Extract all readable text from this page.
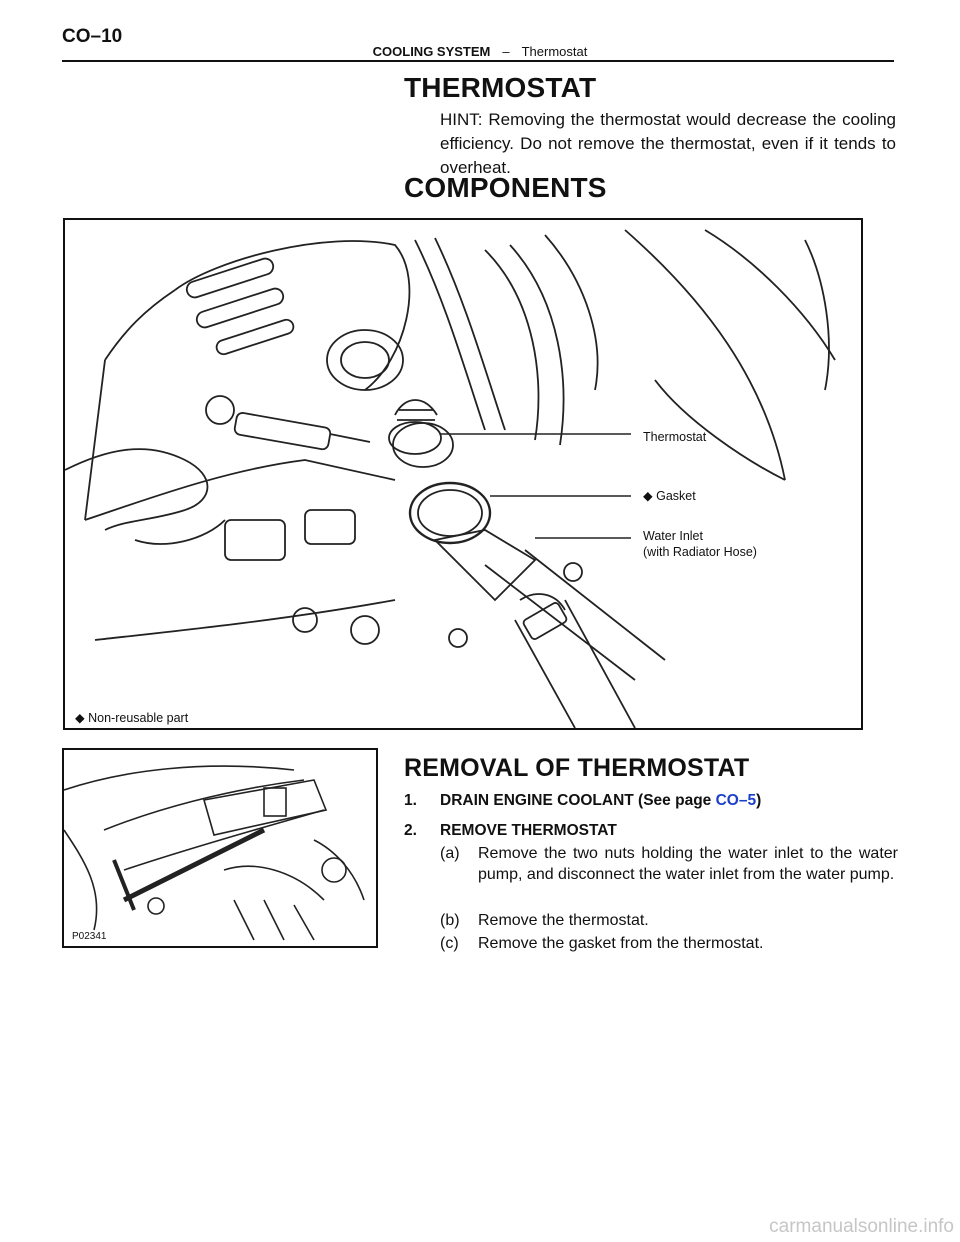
CO–10
COOLING SYSTEM – Thermostat
THERMOSTAT
HINT: Removing the thermostat would decrease the cooling efficiency. Do not remove the thermostat, even if it tends to overheat.
COMPONENTS
Thermostat
◆ Gasket
Water Inlet
(with Radiator Hose)
◆ Non-reusable part
P02341
REMOVAL OF THERMOSTAT
1. DRAIN ENGINE COOLANT (See page CO–5)
2. REMOVE THERMOSTAT
(a) Remove the two nuts holding the water inlet to the water pump, and disconnect the water inlet from the water pump.
(b) Remove the thermostat.
(c) Remove the gasket from the thermostat.
carmanualsonline.info
